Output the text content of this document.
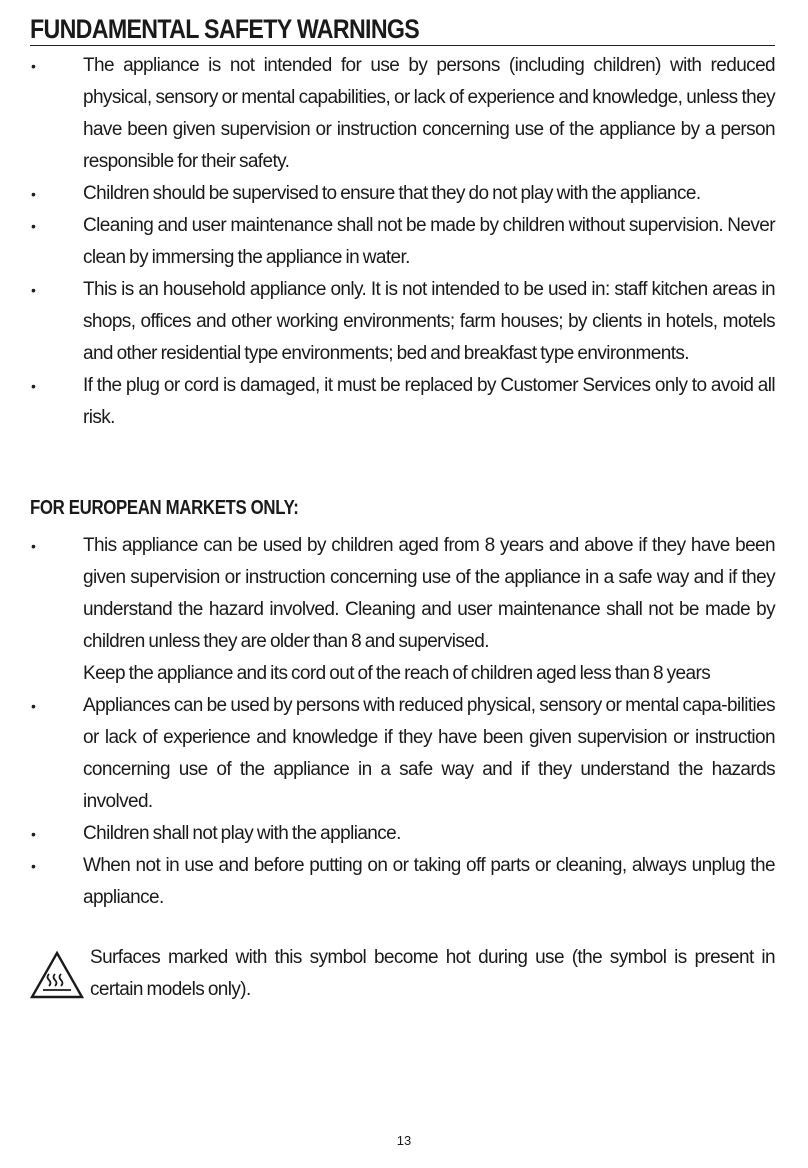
FUNDAMENTAL SAFETY WARNINGS
•	The appliance is not intended for use by persons (including children) with reduced physical, sensory or mental capabilities, or lack of experience and knowledge, unless they have been given supervision or instruction concerning use of the appliance by a person responsible for their safety.
•	Children should be supervised to ensure that they do not play with the appliance.
•	Cleaning and user maintenance shall not be made by children without supervision. Never clean by immersing the appliance in water.
•	This is an household appliance only. It is not intended to be used in: staff kitchen areas in shops, offices and other working environments; farm houses; by clients in hotels, motels and other residential type environments; bed and breakfast type environments.
•	If the plug or cord is damaged, it must be replaced by Customer Services only to avoid all risk.
FOR EUROPEAN MARKETS ONLY:
•	This appliance can be used by children aged from 8 years and above if they have been given supervision or instruction concerning use of the appliance in a safe way and if they understand the hazard involved. Cleaning and user maintenance shall not be made by children unless they are older than 8 and supervised.
Keep the appliance and its cord out of the reach of children aged less than 8 years
•	Appliances can be used by persons with reduced physical, sensory or mental capa-bilities or lack of experience and knowledge if they have been given supervision or instruction concerning use of the appliance in a safe way and if they understand the hazards involved.
•	Children shall not play with the appliance.
•	When not in use and before putting on or taking off parts or cleaning, always unplug the appliance.
Surfaces marked with this symbol become hot during use (the symbol is present in certain models only).
13
